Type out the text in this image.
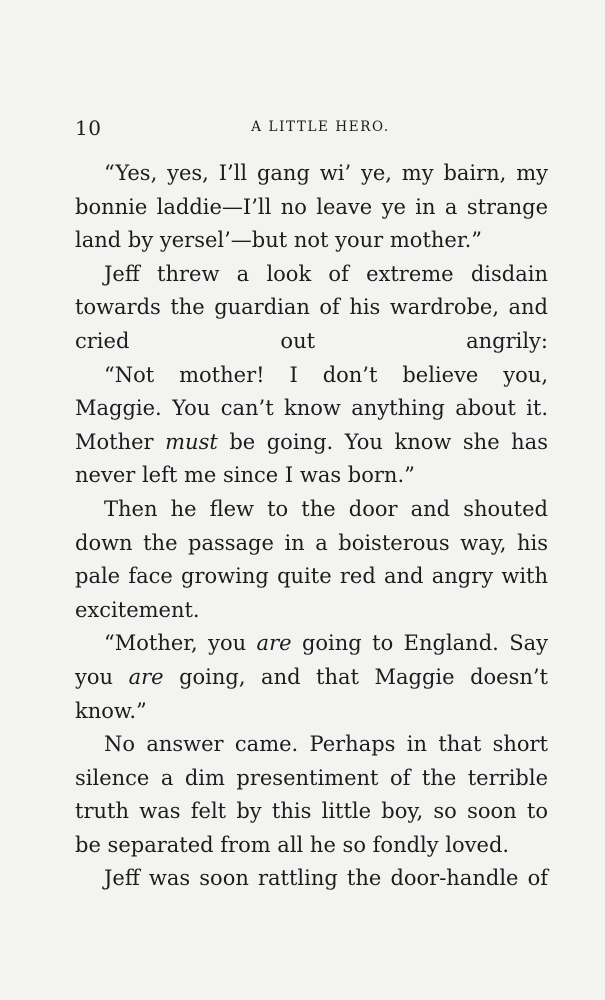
10	A LITTLE HERO.

“Yes, yes, I’ll gang wi’ ye, my bairn, my bonnie laddie—I’ll no leave ye in a strange land by yersel’—but not your mother.”

Jeff threw a look of extreme disdain towards the guardian of his wardrobe, and cried out angrily:

“Not mother! I don’t believe you, Maggie. You can’t know anything about it. Mother must be going. You know she has never left me since I was born.”

Then he flew to the door and shouted down the passage in a boisterous way, his pale face growing quite red and angry with excitement.

“Mother, you are going to England. Say you are going, and that Maggie doesn’t know.”

No answer came. Perhaps in that short silence a dim presentiment of the terrible truth was felt by this little boy, so soon to be separated from all he so fondly loved.

Jeff was soon rattling the door-handle of
